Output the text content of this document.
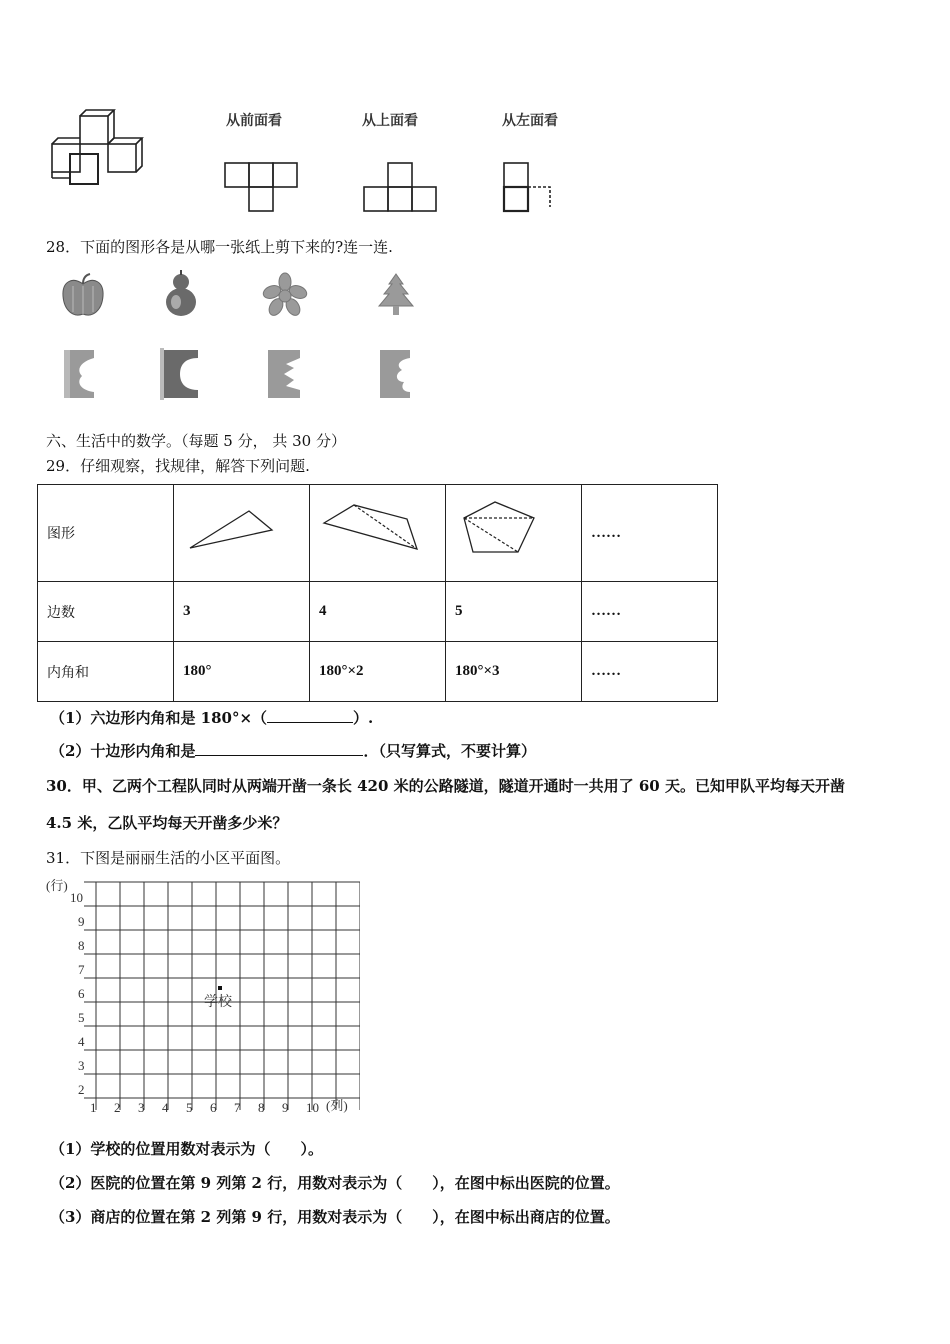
从前面看	从上面看	从左面看
28．下面的图形各是从哪一张纸上剪下来的?连一连.
六、生活中的数学。（每题 5 分， 共 30 分）
29．仔细观察，找规律，解答下列问题.
图形				……
边数	3	4	5	……
内角和	180°	180°×2	180°×3	……
（1）六边形内角和是 180°×（	）.
（2）十边形内角和是	．（只写算式，不要计算）
30．甲、乙两个工程队同时从两端开凿一条长 420 米的公路隧道，隧道开通时一共用了 60 天。已知甲队平均每天开凿
4.5 米，乙队平均每天开凿多少米？
31．下图是丽丽生活的小区平面图。
(行)
(列)
2
3
4
5
6
7
8
9
10
1 2 3 4 5 6 7 8 9 10
学校
（1）学校的位置用数对表示为（　　）。
（2）医院的位置在第 9 列第 2 行，用数对表示为（　　），在图中标出医院的位置。
（3）商店的位置在第 2 列第 9 行，用数对表示为（　　），在图中标出商店的位置。
